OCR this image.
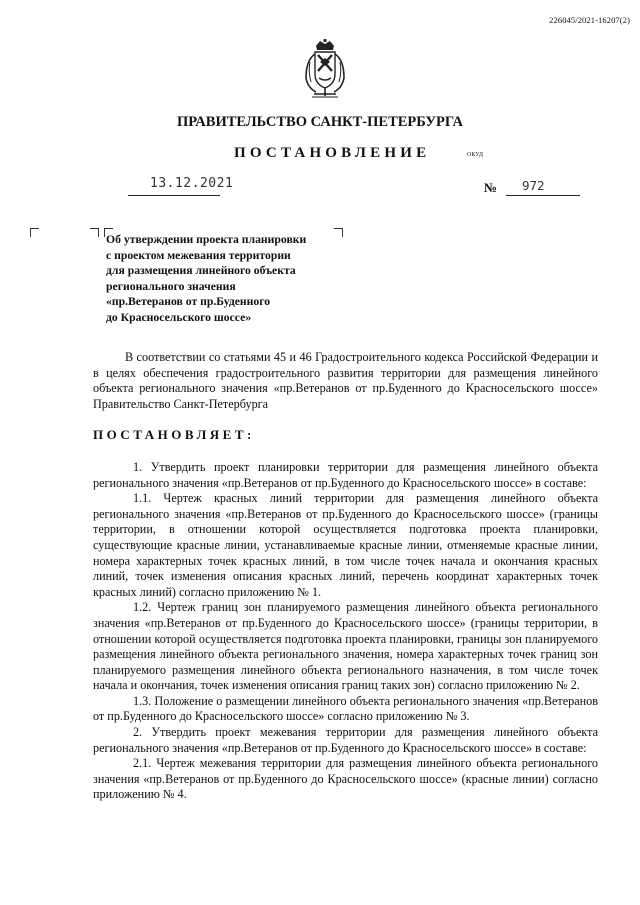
226045/2021-16207(2)
ПРАВИТЕЛЬСТВО САНКТ-ПЕТЕРБУРГА
ПОСТАНОВЛЕНИЕ	ОКУД
13.12.2021	№ 972
Об утверждении проекта планировки
с проектом межевания территории
для размещения линейного объекта
регионального значения
«пр.Ветеранов от пр.Буденного
до Красносельского шоссе»

В соответствии со статьями 45 и 46 Градостроительного кодекса Российской Федерации и в целях обеспечения градостроительного развития территории для размещения линейного объекта регионального значения «пр.Ветеранов от пр.Буденного до Красносельского шоссе» Правительство Санкт-Петербурга

ПОСТАНОВЛЯЕТ:

1. Утвердить проект планировки территории для размещения линейного объекта регионального значения «пр.Ветеранов от пр.Буденного до Красносельского шоссе» в составе:

1.1. Чертеж красных линий территории для размещения линейного объекта регионального значения «пр.Ветеранов от пр.Буденного до Красносельского шоссе» (границы территории, в отношении которой осуществляется подготовка проекта планировки, существующие красные линии, устанавливаемые красные линии, отменяемые красные линии, номера характерных точек красных линий, в том числе точек начала и окончания красных линий, точек изменения описания красных линий, перечень координат характерных точек красных линий) согласно приложению № 1.

1.2. Чертеж границ зон планируемого размещения линейного объекта регионального значения «пр.Ветеранов от пр.Буденного до Красносельского шоссе» (границы территории, в отношении которой осуществляется подготовка проекта планировки, границы зон планируемого размещения линейного объекта регионального значения, номера характерных точек границ зон планируемого размещения линейного объекта регионального назначения, в том числе точек начала и окончания, точек изменения описания границ таких зон) согласно приложению № 2.

1.3. Положение о размещении линейного объекта регионального значения «пр.Ветеранов от пр.Буденного до Красносельского шоссе» согласно приложению № 3.

2. Утвердить проект межевания территории для размещения линейного объекта регионального значения «пр.Ветеранов от пр.Буденного до Красносельского шоссе» в составе:

2.1. Чертеж межевания территории для размещения линейного объекта регионального значения «пр.Ветеранов от пр.Буденного до Красносельского шоссе» (красные линии) согласно приложению № 4.
